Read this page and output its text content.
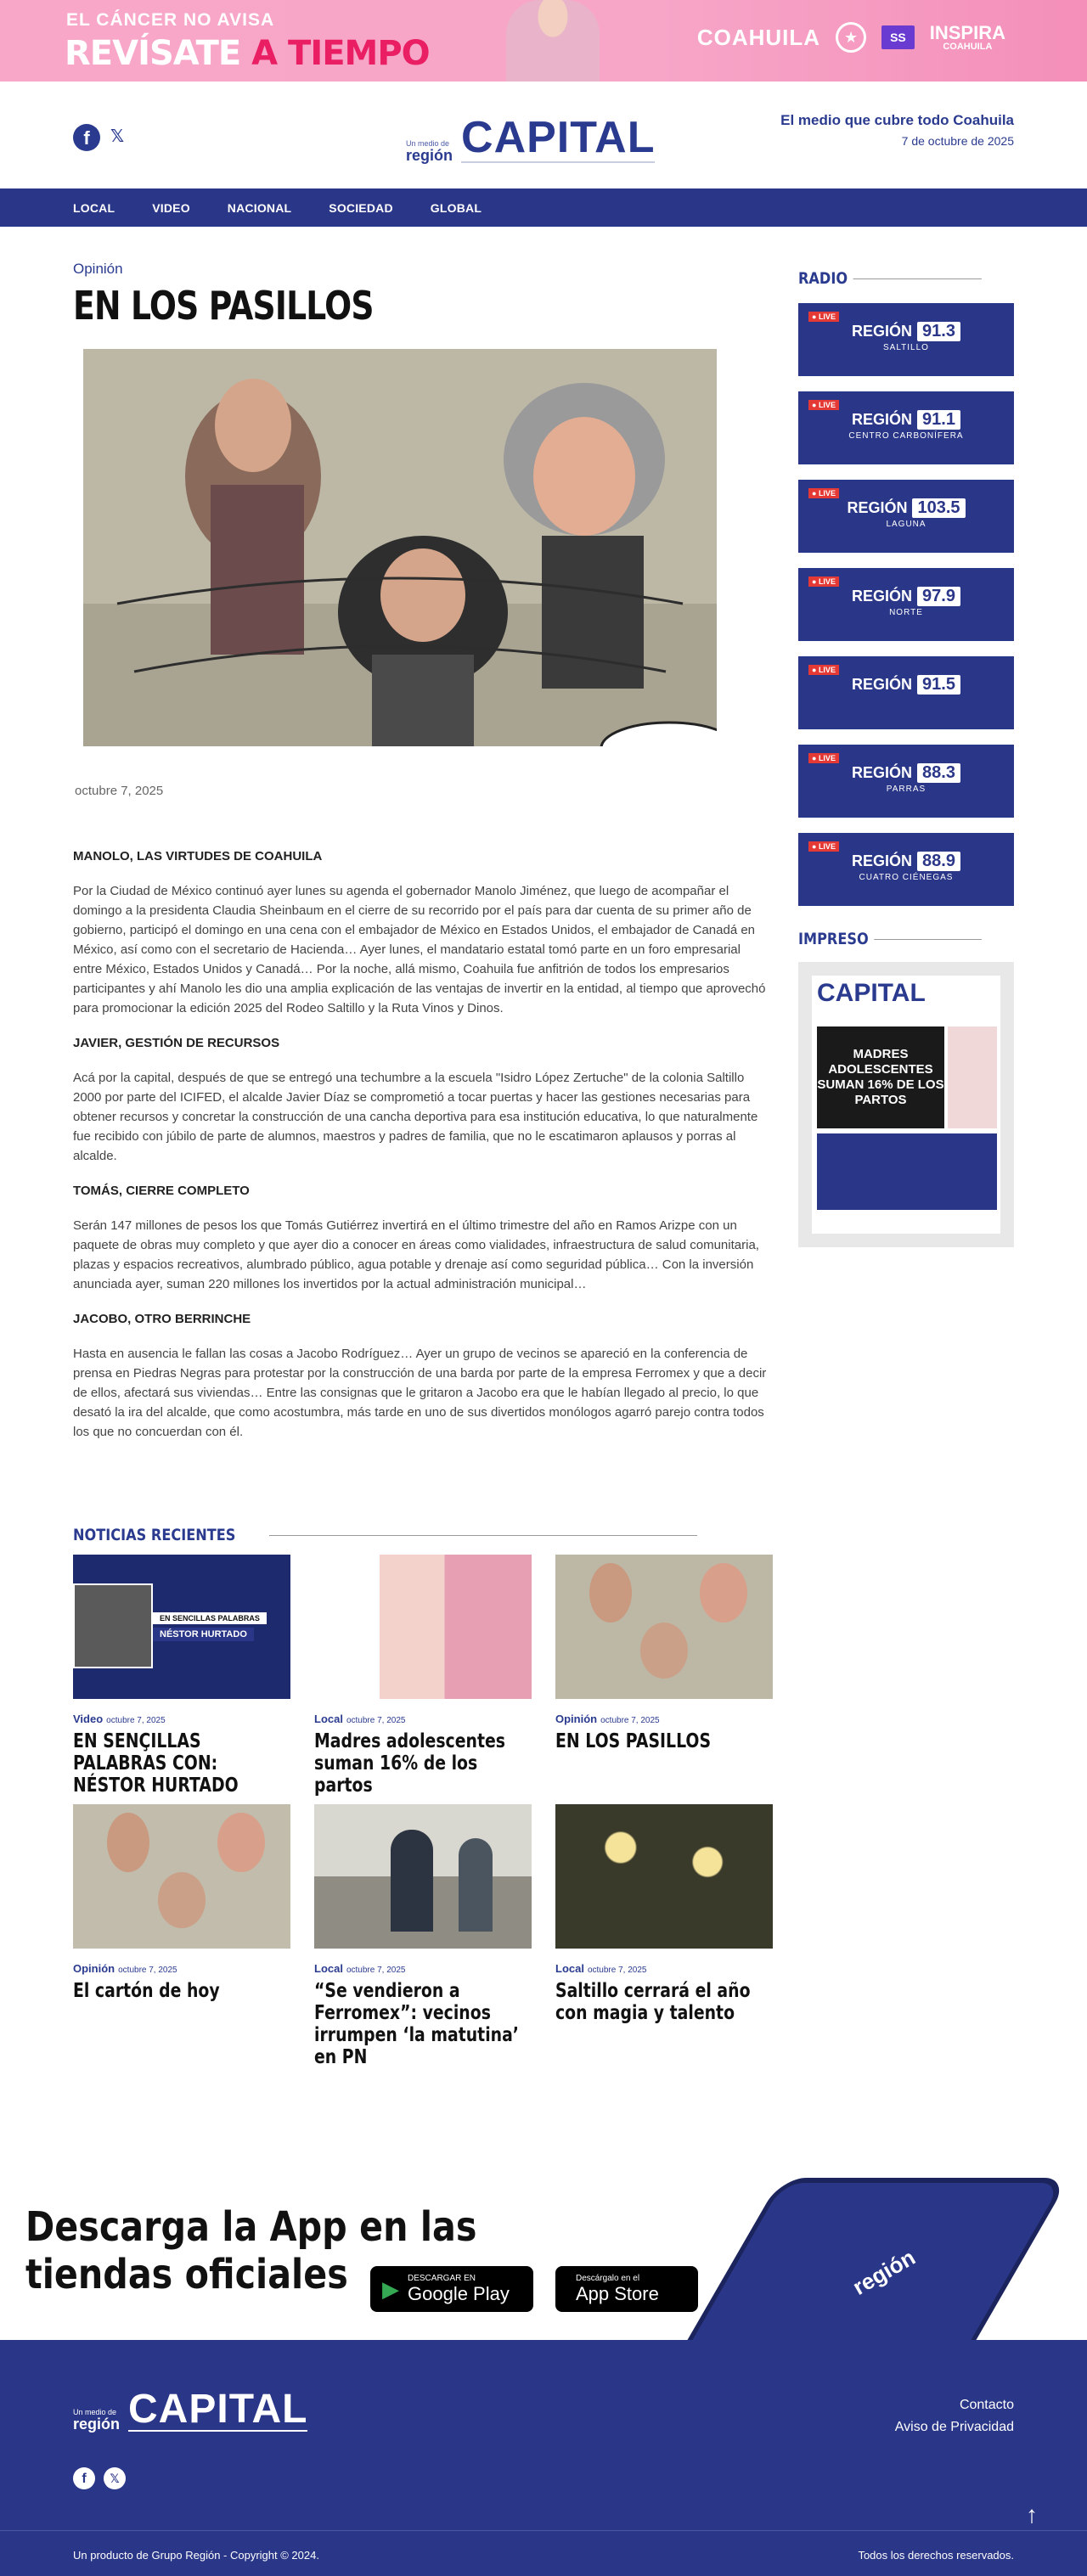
EL CÁNCER NO AVISA
REVÍSATE A TIEMPO	COAHUILA	★	SS	INSPIRA
COAHUILA
f	𝕏	Un medio de
región CAPITAL	El medio que cubre todo Coahuila
7 de octubre de 2025
LOCAL	VIDEO	NACIONAL	SOCIEDAD	GLOBAL
Opinión
EN LOS PASILLOS
octubre 7, 2025
MANOLO, LAS VIRTUDES DE COAHUILA

Por la Ciudad de México continuó ayer lunes su agenda el gobernador Manolo Jiménez, que luego de acompañar el domingo a la presidenta Claudia Sheinbaum en el cierre de su recorrido por el país para dar cuenta de su primer año de gobierno, participó el domingo en una cena con el embajador de México en Estados Unidos, el embajador de Canadá en México, así como con el secretario de Hacienda… Ayer lunes, el mandatario estatal tomó parte en un foro empresarial entre México, Estados Unidos y Canadá… Por la noche, allá mismo, Coahuila fue anfitrión de todos los empresarios participantes y ahí Manolo les dio una amplia explicación de las ventajas de invertir en la entidad, al tiempo que aprovechó para promocionar la edición 2025 del Rodeo Saltillo y la Ruta Vinos y Dinos.

JAVIER, GESTIÓN DE RECURSOS

Acá por la capital, después de que se entregó una techumbre a la escuela "Isidro López Zertuche" de la colonia Saltillo 2000 por parte del ICIFED, el alcalde Javier Díaz se comprometió a tocar puertas y hacer las gestiones necesarias para obtener recursos y concretar la construcción de una cancha deportiva para esa institución educativa, lo que naturalmente fue recibido con júbilo de parte de alumnos, maestros y padres de familia, que no le escatimaron aplausos y porras al alcalde.

TOMÁS, CIERRE COMPLETO

Serán 147 millones de pesos los que Tomás Gutiérrez invertirá en el último trimestre del año en Ramos Arizpe con un paquete de obras muy completo y que ayer dio a conocer en áreas como vialidades, infraestructura de salud comunitaria, plazas y espacios recreativos, alumbrado público, agua potable y drenaje así como seguridad pública… Con la inversión anunciada ayer, suman 220 millones los invertidos por la actual administración municipal…

JACOBO, OTRO BERRINCHE

Hasta en ausencia le fallan las cosas a Jacobo Rodríguez… Ayer un grupo de vecinos se apareció en la conferencia de prensa en Piedras Negras para protestar por la construcción de una barda por parte de la empresa Ferromex y que a decir de ellos, afectará sus viviendas… Entre las consignas que le gritaron a Jacobo era que le habían llegado al precio, lo que desató la ira del alcalde, que como acostumbra, más tarde en uno de sus divertidos monólogos agarró parejo contra todos los que no concuerdan con él.

RADIO
● LIVE
REGIÓN 91.3
SALTILLO
● LIVE
REGIÓN 91.1
CENTRO CARBONÍFERA
● LIVE
REGIÓN 103.5
LAGUNA
● LIVE
REGIÓN 97.9
NORTE
● LIVE
REGIÓN 91.5
● LIVE
REGIÓN 88.3
PARRAS
● LIVE
REGIÓN 88.9
CUATRO CIÉNEGAS
IMPRESO
CAPITAL
MADRES ADOLESCENTES SUMAN 16% DE LOS PARTOS
NOTICIAS RECIENTES
EN SENCILLAS PALABRAS
NÉSTOR HURTADO
Video octubre 7, 2025
EN SENÇILLAS PALABRAS CON: NÉSTOR HURTADO
Local octubre 7, 2025
Madres adolescentes suman 16% de los partos
Opinión octubre 7, 2025
EN LOS PASILLOS
Opinión octubre 7, 2025
El cartón de hoy
Local octubre 7, 2025
“Se vendieron a Ferromex”: vecinos irrumpen ‘la matutina’ en PN
Local octubre 7, 2025
Saltillo cerrará el año con magia y talento
Descarga la App en las
tiendas oficiales	▶ DESCARGAR EN
Google Play
Descárgalo en el
App Store	región
Un medio de
región CAPITAL
f	𝕏
Contacto
Aviso de Privacidad
↑
Un producto de Grupo Región - Copyright © 2024.	Todos los derechos reservados.
